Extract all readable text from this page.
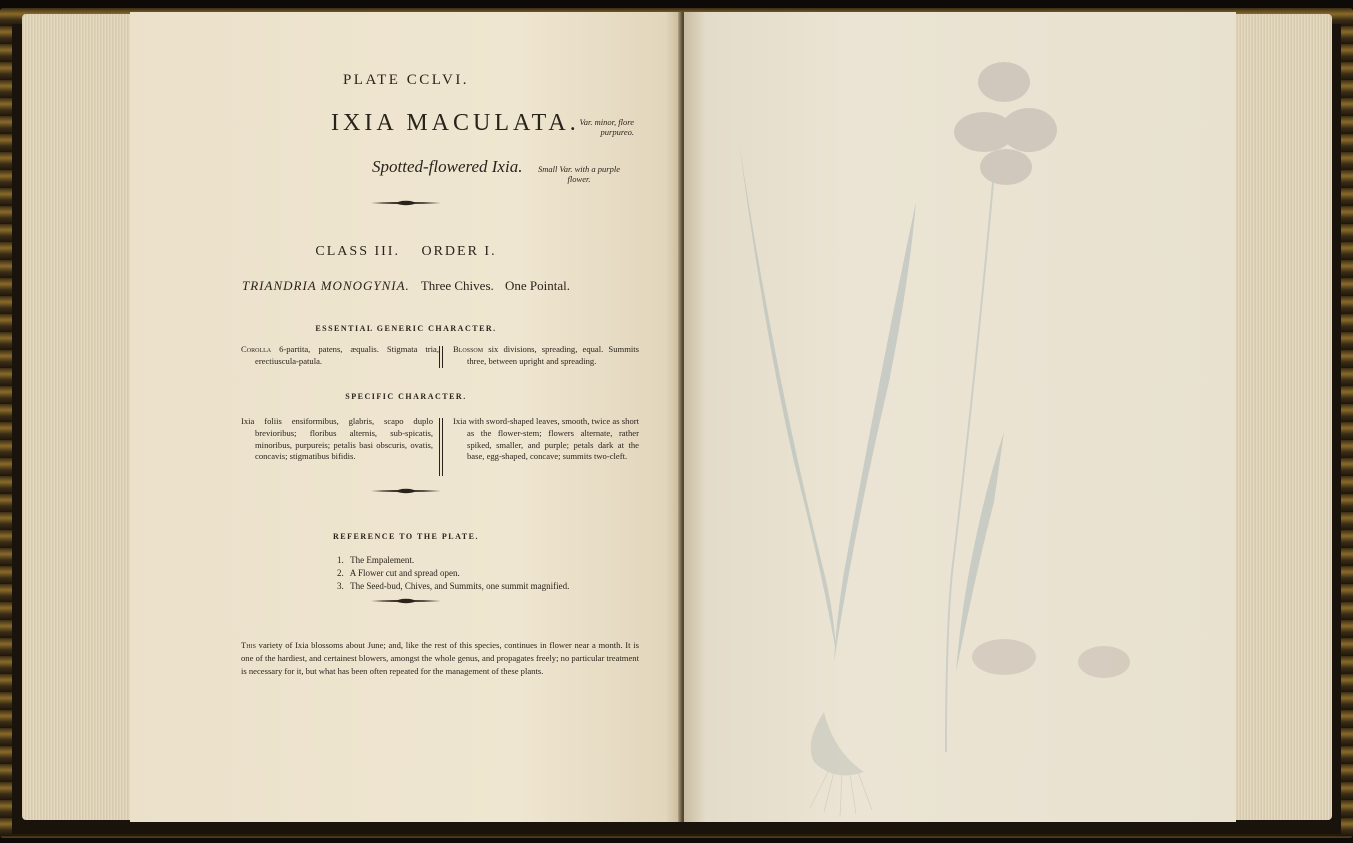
PLATE CCLVI.
IXIA MACULATA. Var. minor, flore
purpureo.
Spotted-flowered Ixia.	Small Var. with a purple
flower.
CLASS III. ORDER I.
TRIANDRIA MONOGYNIA. Three Chives. One Pointal.
ESSENTIAL GENERIC CHARACTER.

Corolla 6-partita, patens, æqualis. Stigmata tria, erectiuscula-patula.

Blossom six divisions, spreading, equal. Summits three, between upright and spreading.

SPECIFIC CHARACTER.

Ixia foliis ensiformibus, glabris, scapo duplo brevioribus; floribus alternis, sub-spicatis, minoribus, purpureis; petalis basi obscuris, ovatis, concavis; stigmatibus bifidis.

Ixia with sword-shaped leaves, smooth, twice as short as the flower-stem; flowers alternate, rather spiked, smaller, and purple; petals dark at the base, egg-shaped, concave; summits two-cleft.

REFERENCE TO THE PLATE.
1. The Empalement.
2. A Flower cut and spread open.
3. The Seed-bud, Chives, and Summits, one summit magnified.
This variety of Ixia blossoms about June; and, like the rest of this species, continues in flower near a month. It is one of the hardiest, and certainest blowers, amongst the whole genus, and propagates freely; no particular treatment is necessary for it, but what has been often repeated for the management of these plants.
